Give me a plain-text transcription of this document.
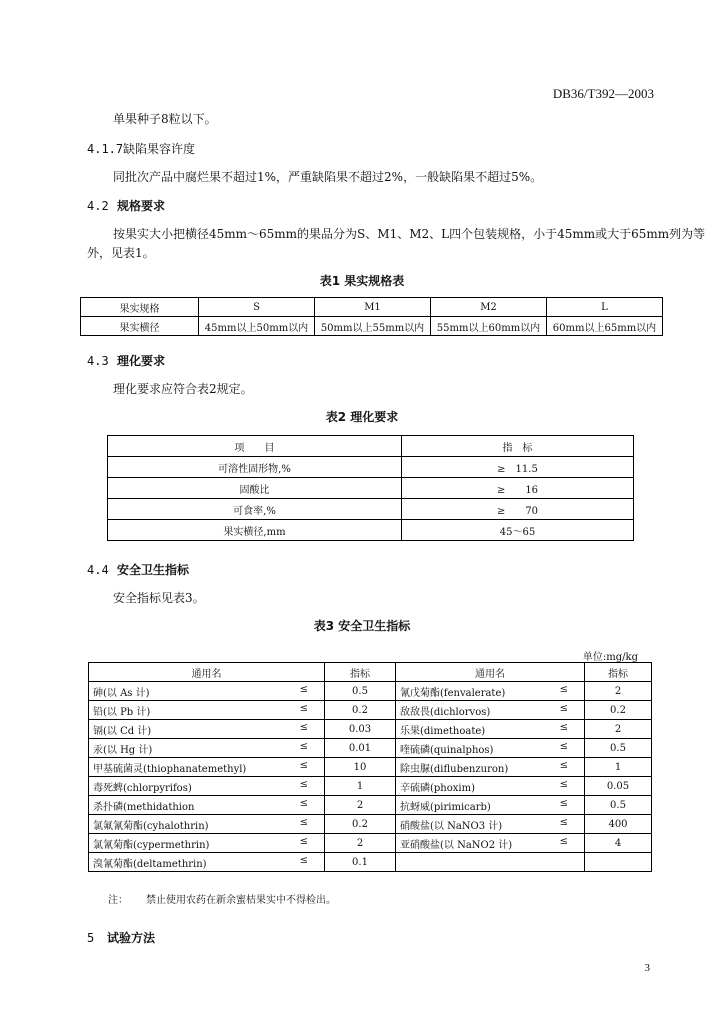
DB36/T392—2003
单果种子8粒以下。
4.1.7缺陷果容许度
同批次产品中腐烂果不超过1%，严重缺陷果不超过2%，一般缺陷果不超过5%。
4.2 规格要求
按果实大小把横径45mm～65mm的果品分为S、M1、M2、L四个包装规格，小于45mm或大于65mm列为等
外，见表1。
表1 果实规格表
果实规格	S	M1	M2	L
果实横径	45mm以上50mm以内	50mm以上55mm以内	55mm以上60mm以内	60mm以上65mm以内
4.3 理化要求
理化要求应符合表2规定。
表2 理化要求
项　　目	指　标
可溶性固形物,%	≥　11.5
固酸比	≥　　16
可食率,%	≥　　70
果实横径,mm	45～65
4.4 安全卫生指标
安全指标见表3。
表3 安全卫生指标
单位:mg/kg
通用名	指标	通用名	指标

砷(以 As 计) ≤	0.5	氰戊菊酯(fenvalerate) ≤	2

铅(以 Pb 计) ≤	0.2	敌敌畏(dichlorvos) ≤	0.2

镉(以 Cd 计) ≤	0.03	乐果(dimethoate) ≤	2

汞(以 Hg 计) ≤	0.01	喹硫磷(quinalphos) ≤	0.5

甲基硫菌灵(thiophanatemethyl) ≤	10	除虫脲(diflubenzuron) ≤	1

毒死蜱(chlorpyrifos) ≤	1	辛硫磷(phoxim) ≤	0.05

杀扑磷(methidathion ≤	2	抗蚜威(pirimicarb) ≤	0.5

氯氟氰菊酯(cyhalothrin) ≤	0.2	硝酸盐(以 NaNO3 计) ≤	400

氯氰菊酯(cypermethrin) ≤	2	亚硝酸盐(以 NaNO2 计) ≤	4

溴氰菊酯(deltamethrin) ≤	0.1	

注： 禁止使用农药在新余蜜桔果实中不得检出。
5 试验方法
3
